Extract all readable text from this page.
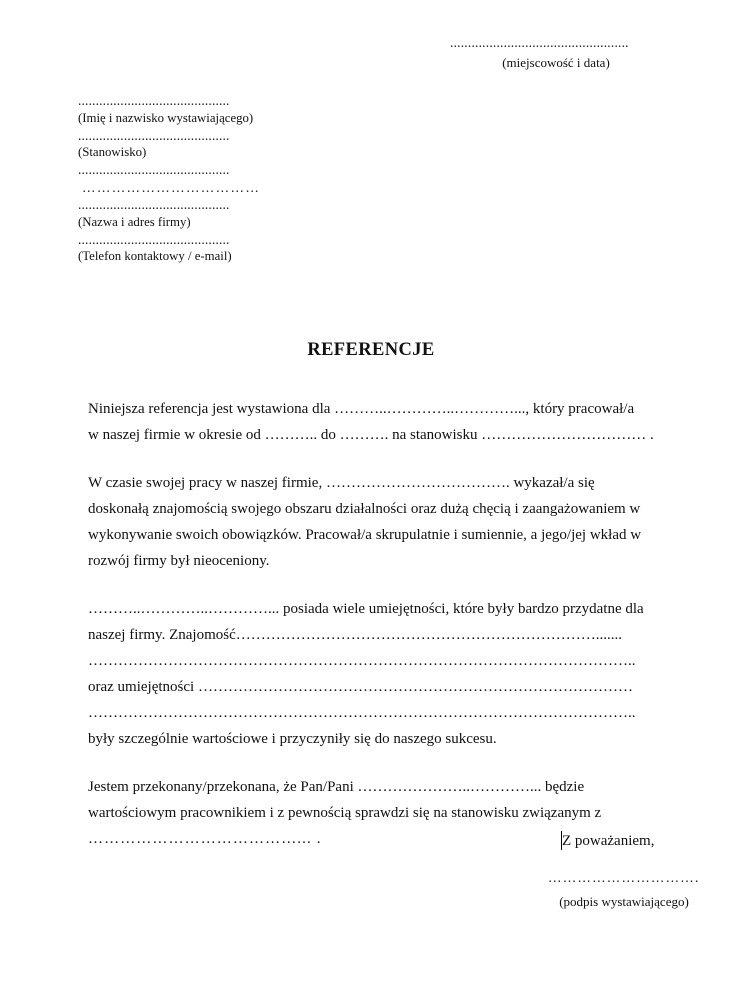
..................................................
(miejscowość i data)
...........................................
(Imię i nazwisko wystawiającego)
...........................................
(Stanowisko)
...........................................
………………………………
...........................................
(Nazwa i adres firmy)
...........................................
(Telefon kontaktowy / e-mail)
REFERENCJE

Niniejsza referencja jest wystawiona dla ………..…………..…………..., który pracował/a
w naszej firmie w okresie od ……….. do ………. na stanowisku …………………………… .

W czasie swojej pracy w naszej firmie, ………………………………. wykazał/a się
doskonałą znajomością swojego obszaru działalności oraz dużą chęcią i zaangażowaniem w
wykonywanie swoich obowiązków. Pracował/a skrupulatnie i sumiennie, a jego/jej wkład w
rozwój firmy był nieoceniony.

………..…………..…………... posiada wiele umiejętności, które były bardzo przydatne dla
naszej firmy. Znajomość……………………………………………………………….......
………………………………………………………………………………………………..
oraz umiejętności ……………………………………………………………………………
………………………………………………………………………………………………..
były szczególnie wartościowe i przyczyniły się do naszego sukcesu.

Jestem przekonany/przekonana, że Pan/Pani …………………..…………... będzie
wartościowym pracownikiem i z pewnością sprawdzi się na stanowisku związanym z
…………………………………... .	Z poważaniem,
………………………….
(podpis wystawiającego)
